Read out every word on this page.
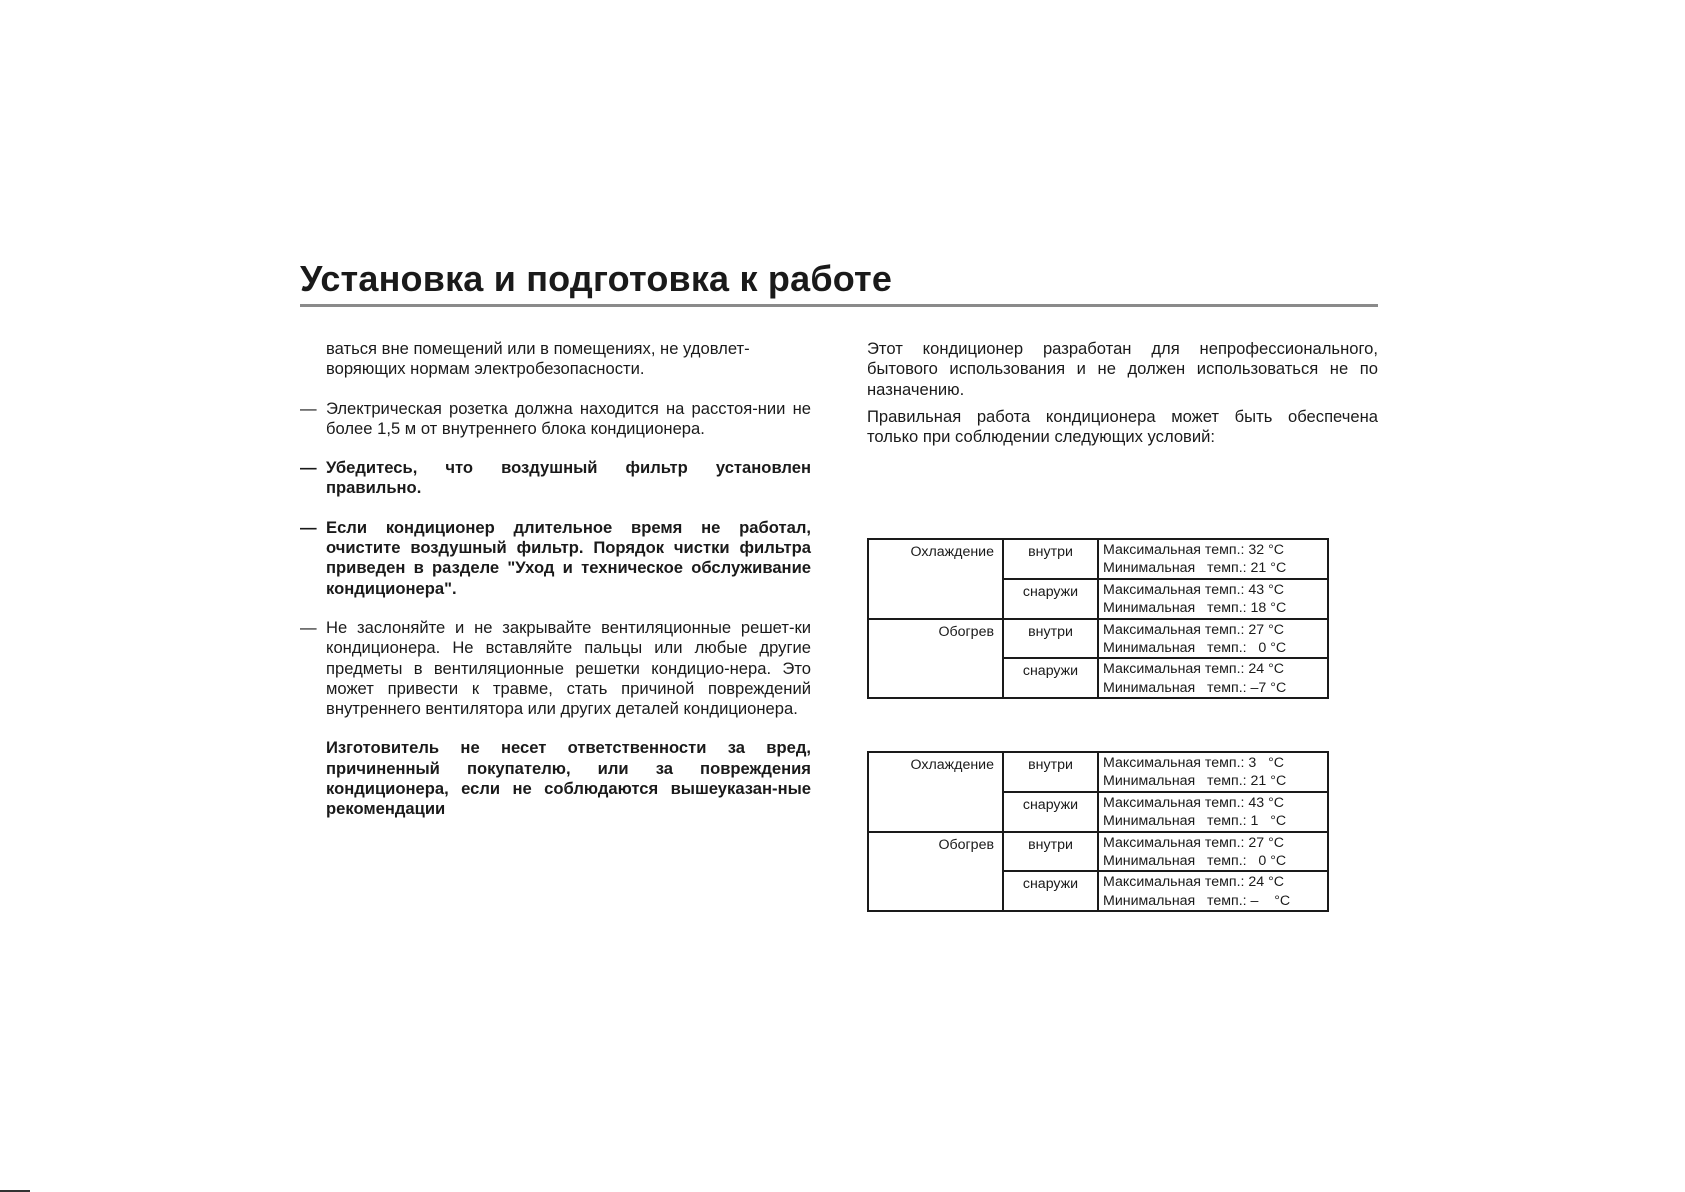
Установка и подготовка к работе

ваться вне помещений или в помещениях, не удовлет-
воряющих нормам электробезопасности.

— Электрическая розетка должна находится на расстоя-нии не более 1,5 м от внутреннего блока кондиционера.

— Убедитесь, что воздушный фильтр установлен правильно.

— Если кондиционер длительное время не работал, очистите воздушный фильтр. Порядок чистки фильтра приведен в разделе "Уход и техническое обслуживание кондиционера".

— Не заслоняйте и не закрывайте вентиляционные решет-ки кондиционера. Не вставляйте пальцы или любые другие предметы в вентиляционные решетки кондицио-нера. Это может привести к травме, стать причиной повреждений внутреннего вентилятора или других деталей кондиционера.

Изготовитель не несет ответственности за вред, причиненный покупателю, или за повреждения кондиционера, если не соблюдаются вышеуказан-ные рекомендации

Этот кондиционер разработан для непрофессионального, бытового использования и не должен использоваться не по назначению.

Правильная работа кондиционера может быть обеспечена только при соблюдении следующих условий:

Охлаждение	внутри	Максимальная темп.: 32 °C
Минимальная   темп.: 21 °C

	снаружи	Максимальная темп.: 43 °C
Минимальная   темп.: 18 °C

Обогрев	внутри	Максимальная темп.: 27 °C
Минимальная   темп.:   0 °C

	снаружи	Максимальная темп.: 24 °C
Минимальная   темп.: –7 °C
Охлаждение	внутри	Максимальная темп.: 3   °C
Минимальная   темп.: 21 °C

	снаружи	Максимальная темп.: 43 °C
Минимальная   темп.: 1   °C

Обогрев	внутри	Максимальная темп.: 27 °C
Минимальная   темп.:   0 °C

	снаружи	Максимальная темп.: 24 °C
Минимальная   темп.: –    °C
